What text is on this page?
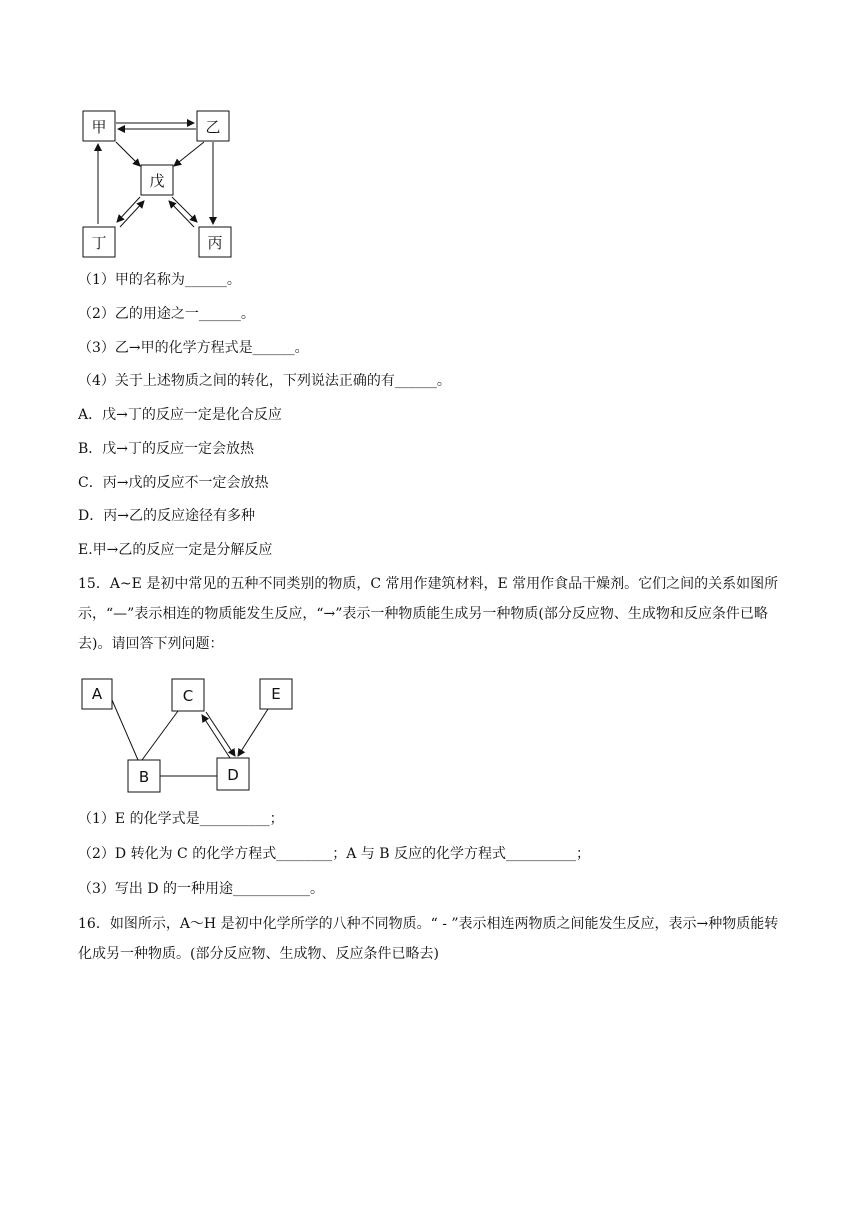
甲	乙
戊
丁	丙
（1）甲的名称为______。
（2）乙的用途之一______。
（3）乙→甲的化学方程式是______。
（4）关于上述物质之间的转化，下列说法正确的有______。
A．戊→丁的反应一定是化合反应
B．戊→丁的反应一定会放热
C．丙→戊的反应不一定会放热
D．丙→乙的反应途径有多种
E.甲→乙的反应一定是分解反应
15．A~E 是初中常见的五种不同类别的物质，C 常用作建筑材料，E 常用作食品干燥剂。它们之间的关系如图所示，“—”表示相连的物质能发生反应，“→”表示一种物质能生成另一种物质(部分反应物、生成物和反应条件已略去)。请回答下列问题：
A	C	E
B	D
（1）E 的化学式是__________；
（2）D 转化为 C 的化学方程式________；A 与 B 反应的化学方程式__________；
（3）写出 D 的一种用途___________。
16．如图所示，A～H 是初中化学所学的八种不同物质。“ - ”表示相连两物质之间能发生反应，表示→种物质能转化成另一种物质。(部分反应物、生成物、反应条件已略去)
